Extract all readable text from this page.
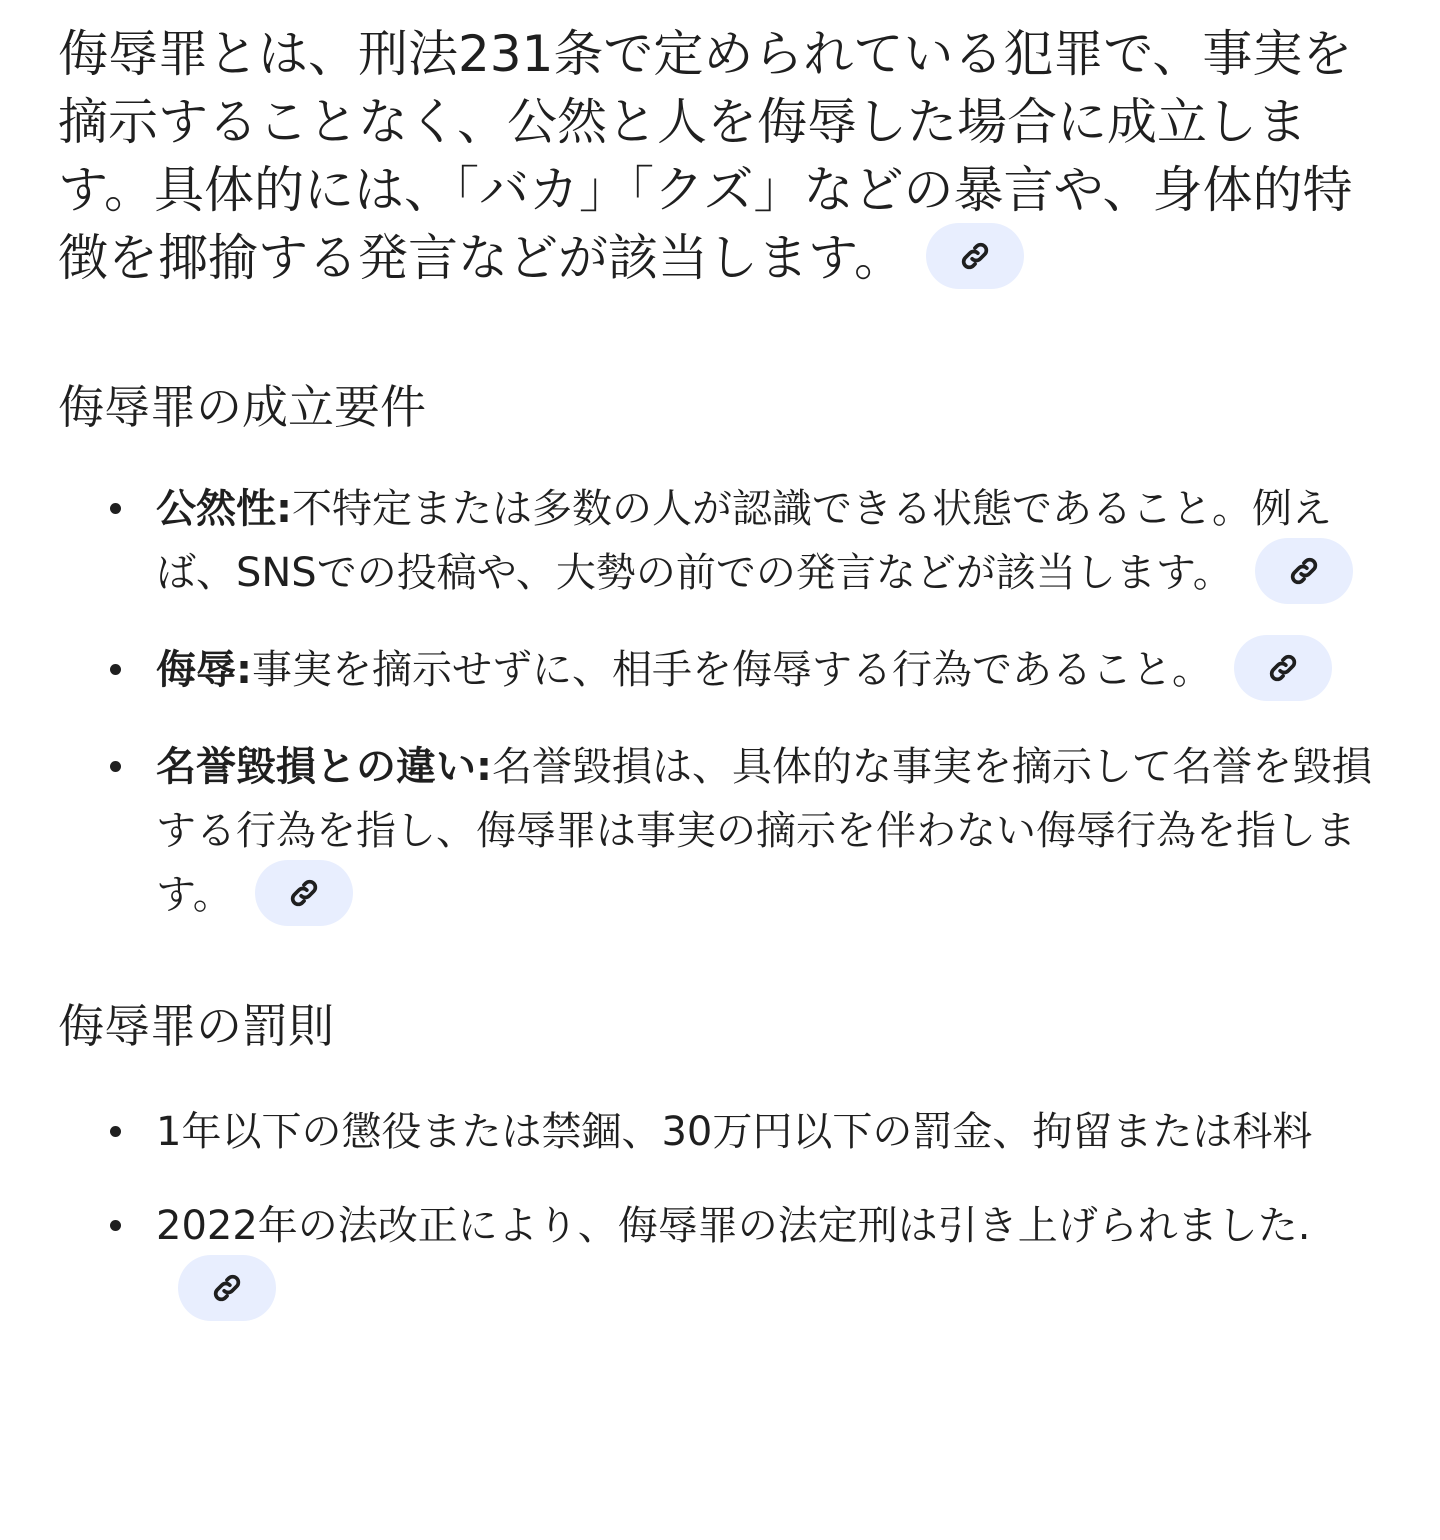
侮辱罪とは、刑法231条で定められている犯罪で、事実を摘示することなく、公然と人を侮辱した場合に成立します。具体的には、「バカ」「クズ」などの暴言や、身体的特徴を揶揄する発言などが該当します。

侮辱罪の成立要件
公然性:不特定または多数の人が認識できる状態であること。例えば、SNSでの投稿や、大勢の前での発言などが該当します。
侮辱:事実を摘示せずに、相手を侮辱する行為であること。
名誉毀損との違い:名誉毀損は、具体的な事実を摘示して名誉を毀損する行為を指し、侮辱罪は事実の摘示を伴わない侮辱行為を指します。
侮辱罪の罰則
1年以下の懲役または禁錮、30万円以下の罰金、拘留または科料
2022年の法改正により、侮辱罪の法定刑は引き上げられました.
